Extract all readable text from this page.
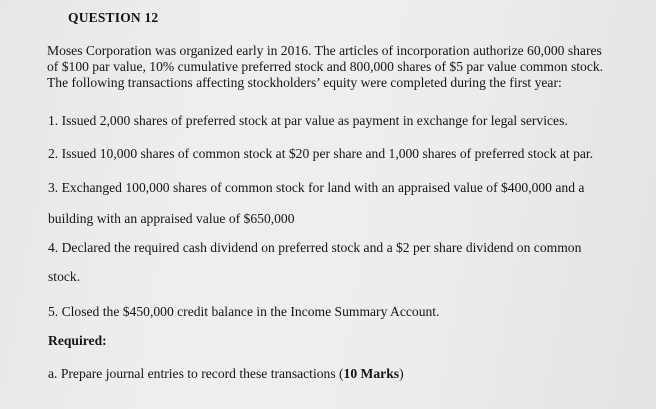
QUESTION 12
Moses Corporation was organized early in 2016. The articles of incorporation authorize 60,000 shares
of $100 par value, 10% cumulative preferred stock and 800,000 shares of $5 par value common stock.
The following transactions affecting stockholders’ equity were completed during the first year:
1. Issued 2,000 shares of preferred stock at par value as payment in exchange for legal services.
2. Issued 10,000 shares of common stock at $20 per share and 1,000 shares of preferred stock at par.
3. Exchanged 100,000 shares of common stock for land with an appraised value of $400,000 and a
building with an appraised value of $650,000
4. Declared the required cash dividend on preferred stock and a $2 per share dividend on common
stock.
5. Closed the $450,000 credit balance in the Income Summary Account.
Required:
a. Prepare journal entries to record these transactions (10 Marks)
